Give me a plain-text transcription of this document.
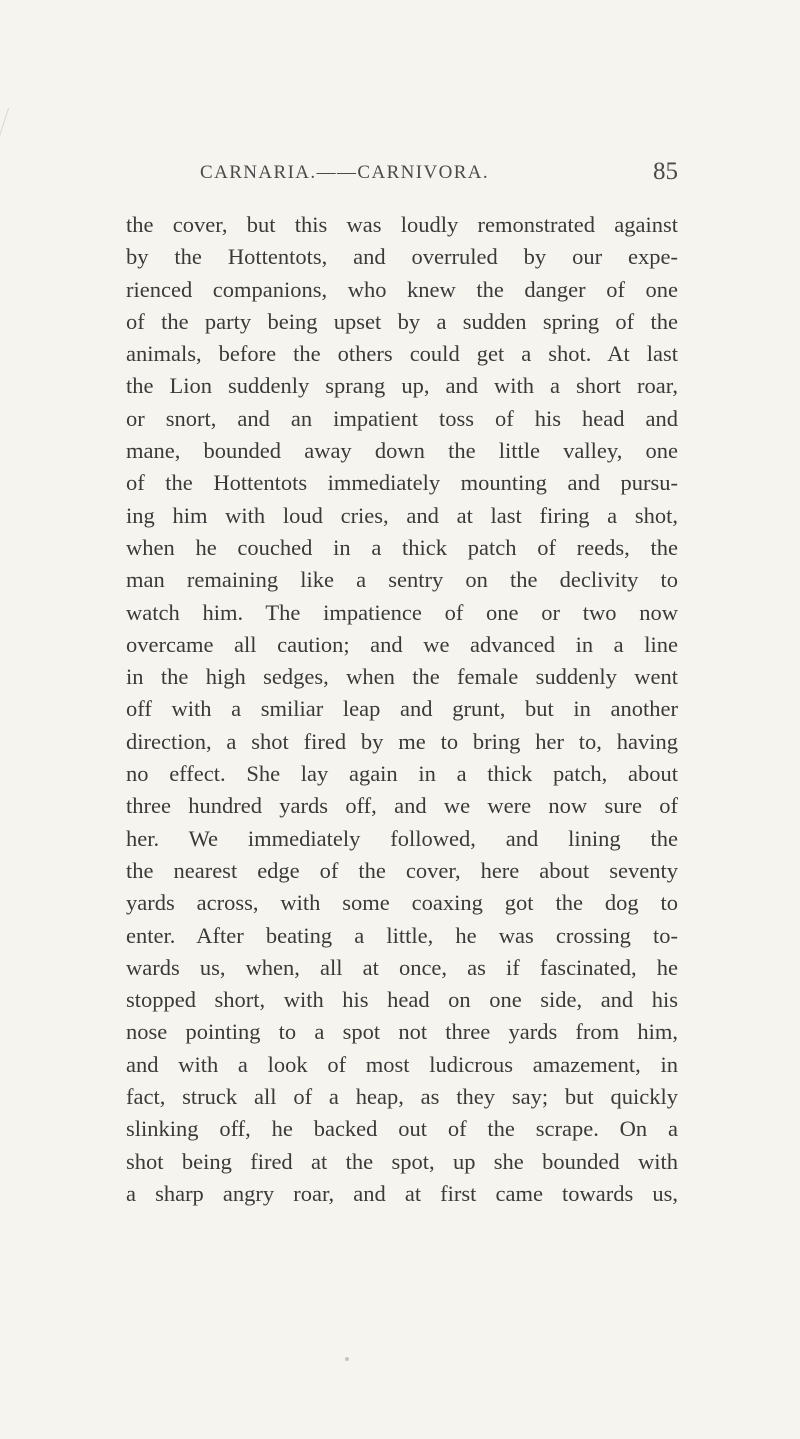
CARNARIA.——CARNIVORA.	85
the cover, but this was loudly remonstrated against
by the Hottentots, and overruled by our expe-
rienced companions, who knew the danger of one
of the party being upset by a sudden spring of the
animals, before the others could get a shot. At last
the Lion suddenly sprang up, and with a short roar,
or snort, and an impatient toss of his head and
mane, bounded away down the little valley, one
of the Hottentots immediately mounting and pursu-
ing him with loud cries, and at last firing a shot,
when he couched in a thick patch of reeds, the
man remaining like a sentry on the declivity to
watch him. The impatience of one or two now
overcame all caution; and we advanced in a line
in the high sedges, when the female suddenly went
off with a smiliar leap and grunt, but in another
direction, a shot fired by me to bring her to, having
no effect. She lay again in a thick patch, about
three hundred yards off, and we were now sure of
her. We immediately followed, and lining the
the nearest edge of the cover, here about seventy
yards across, with some coaxing got the dog to
enter. After beating a little, he was crossing to-
wards us, when, all at once, as if fascinated, he
stopped short, with his head on one side, and his
nose pointing to a spot not three yards from him,
and with a look of most ludicrous amazement, in
fact, struck all of a heap, as they say; but quickly
slinking off, he backed out of the scrape. On a
shot being fired at the spot, up she bounded with
a sharp angry roar, and at first came towards us,
